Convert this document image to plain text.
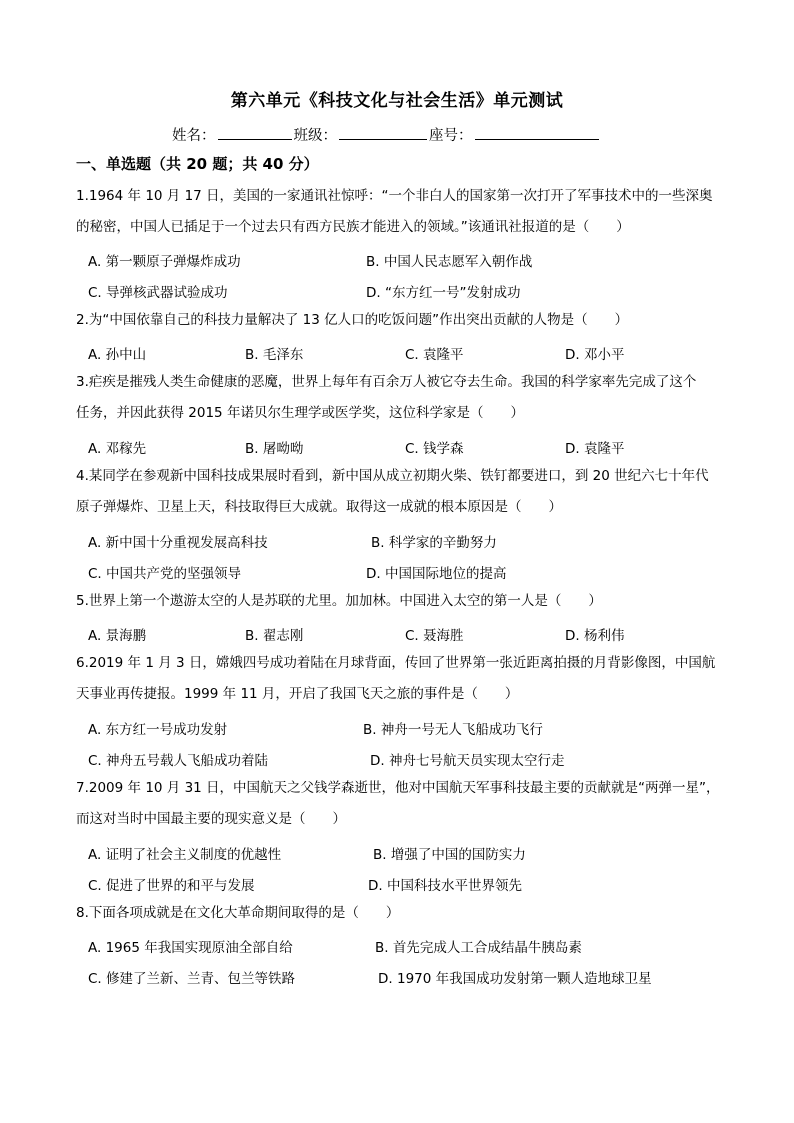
第六单元《科技文化与社会生活》单元测试
姓名：	班级：	座号：
一、单选题（共 20 题；共 40 分）
1.1964 年 10 月 17 日，美国的一家通讯社惊呼：“一个非白人的国家第一次打开了军事技术中的一些深奥
的秘密，中国人已插足于一个过去只有西方民族才能进入的领域。”该通讯社报道的是（　　）
A. 第一颗原子弹爆炸成功	B. 中国人民志愿军入朝作战
C. 导弹核武器试验成功	D. “东方红一号”发射成功
2.为“中国依靠自己的科技力量解决了 13 亿人口的吃饭问题”作出突出贡献的人物是（　　）
A. 孙中山	B. 毛泽东	C. 袁隆平	D. 邓小平
3.疟疾是摧残人类生命健康的恶魔，世界上每年有百余万人被它夺去生命。我国的科学家率先完成了这个
任务，并因此获得 2015 年诺贝尔生理学或医学奖，这位科学家是（　　）
A. 邓稼先	B. 屠呦呦	C. 钱学森	D. 袁隆平
4.某同学在参观新中国科技成果展时看到，新中国从成立初期火柴、铁钉都要进口，到 20 世纪六七十年代
原子弹爆炸、卫星上天，科技取得巨大成就。取得这一成就的根本原因是（　　）
A. 新中国十分重视发展高科技	B. 科学家的辛勤努力
C. 中国共产党的坚强领导	D. 中国国际地位的提高
5.世界上第一个遨游太空的人是苏联的尤里。加加林。中国进入太空的第一人是（　　）
A. 景海鹏	B. 翟志刚	C. 聂海胜	D. 杨利伟
6.2019 年 1 月 3 日，嫦娥四号成功着陆在月球背面，传回了世界第一张近距离拍摄的月背影像图，中国航
天事业再传捷报。1999 年 11 月，开启了我国飞天之旅的事件是（　　）
A. 东方红一号成功发射	B. 神舟一号无人飞船成功飞行
C. 神舟五号载人飞船成功着陆	D. 神舟七号航天员实现太空行走
7.2009 年 10 月 31 日，中国航天之父钱学森逝世，他对中国航天军事科技最主要的贡献就是“两弹一星”，
而这对当时中国最主要的现实意义是（　　）
A. 证明了社会主义制度的优越性	B. 增强了中国的国防实力
C. 促进了世界的和平与发展	D. 中国科技水平世界领先
8.下面各项成就是在文化大革命期间取得的是（　　）
A. 1965 年我国实现原油全部自给	B. 首先完成人工合成结晶牛胰岛素
C. 修建了兰新、兰青、包兰等铁路	D. 1970 年我国成功发射第一颗人造地球卫星
